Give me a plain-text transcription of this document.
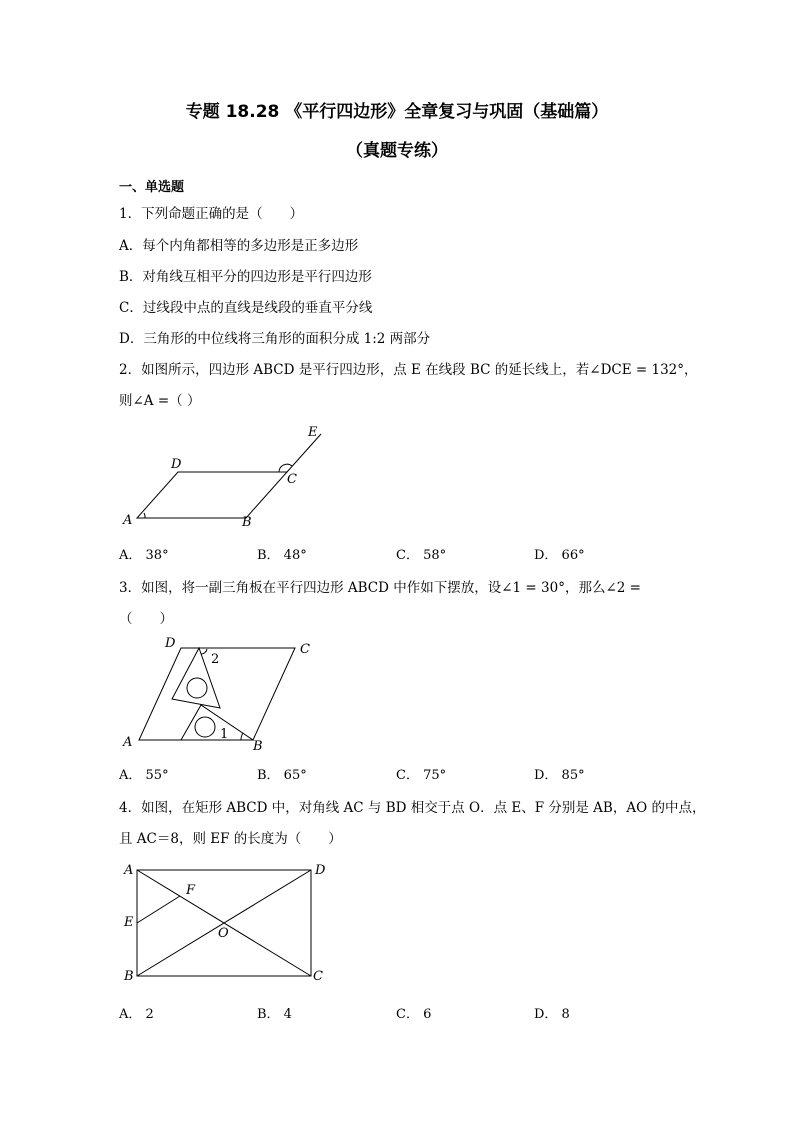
专题 18.28 《平行四边形》全章复习与巩固（基础篇）
（真题专练）
一、单选题
1．下列命题正确的是（　　）
A．每个内角都相等的多边形是正多边形
B．对角线互相平分的四边形是平行四边形
C．过线段中点的直线是线段的垂直平分线
D．三角形的中位线将三角形的面积分成 1:2 两部分
2．如图所示，四边形 ABCD 是平行四边形，点 E 在线段 BC 的延长线上，若∠DCE = 132°，
则∠A =（ ）
A	B
C
D
E
A． 38°	B． 48°	C． 58°	D． 66°
3．如图，将一副三角板在平行四边形 ABCD 中作如下摆放，设∠1 = 30°，那么∠2 =
（　　）
A	B
C
D
1
2
A． 55°	B． 65°	C． 75°	D． 85°
4．如图，在矩形 ABCD 中，对角线 AC 与 BD 相交于点 O．点 E、F 分别是 AB，AO 的中点，
且 AC＝8，则 EF 的长度为（　　）
A
B	C
D
E
F
O
A． 2	B． 4	C． 6	D． 8
